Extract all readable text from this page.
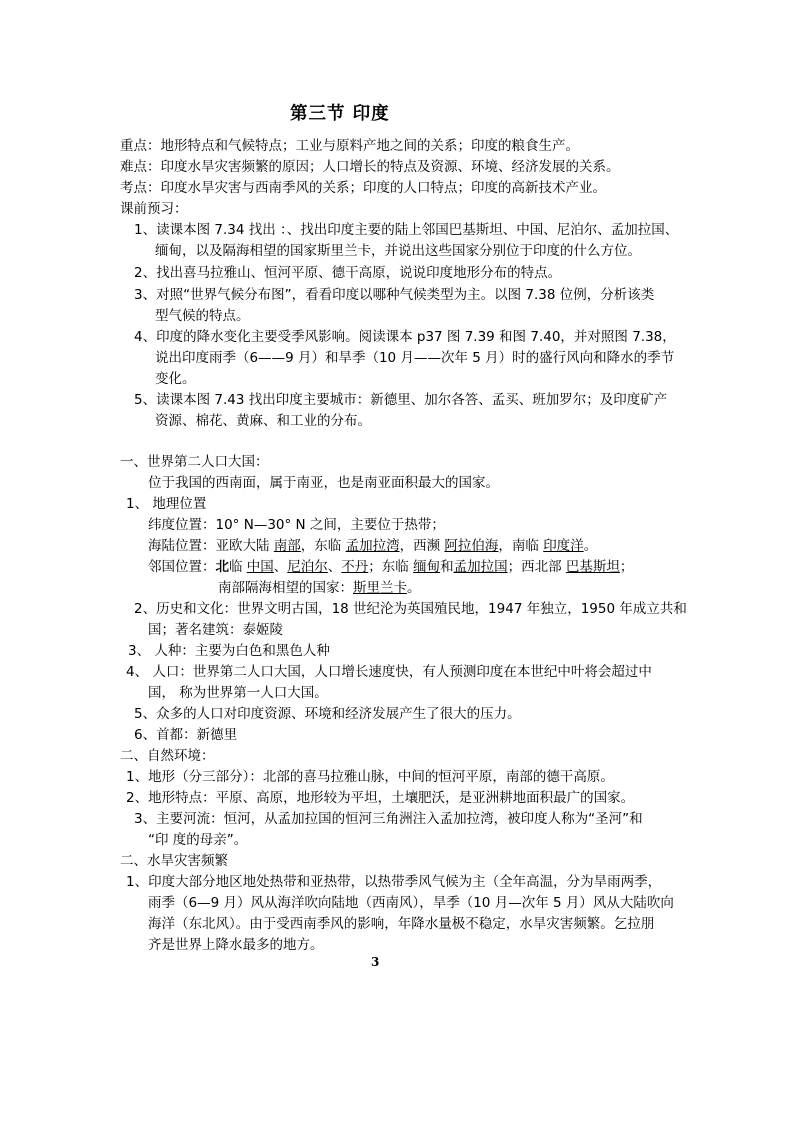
第三节 印度
重点：地形特点和气候特点；工业与原料产地之间的关系；印度的粮食生产。
难点：印度水旱灾害频繁的原因；人口增长的特点及资源、环境、经济发展的关系。
考点：印度水旱灾害与西南季风的关系；印度的人口特点；印度的高新技术产业。
课前预习：
1、读课本图 7.34 找出 ：、找出印度主要的陆上邻国巴基斯坦、中国、尼泊尔、孟加拉国、
缅甸，以及隔海相望的国家斯里兰卡，并说出这些国家分别位于印度的什么方位。
2、找出喜马拉雅山、恒河平原、德干高原，说说印度地形分布的特点。
3、对照“世界气候分布图”，看看印度以哪种气候类型为主。以图 7.38 位例，分析该类
型气候的特点。
4、印度的降水变化主要受季风影响。阅读课本 p37 图 7.39 和图 7.40，并对照图 7.38，
说出印度雨季（6——9 月）和旱季（10 月——次年 5 月）时的盛行风向和降水的季节
变化。
5、读课本图 7.43 找出印度主要城市：新德里、加尔各答、孟买、班加罗尔；及印度矿产
资源、棉花、黄麻、和工业的分布。
一、世界第二人口大国：
位于我国的西南面，属于南亚，也是南亚面积最大的国家。
1、 地理位置
纬度位置：10° N—30° N 之间，主要位于热带；
海陆位置：亚欧大陆 南部，东临 孟加拉湾，西濒 阿拉伯海，南临 印度洋。
邻国位置：北临 中国、尼泊尔、不丹；东临 缅甸和孟加拉国；西北部 巴基斯坦；
南部隔海相望的国家：斯里兰卡。
2、历史和文化：世界文明古国，18 世纪沦为英国殖民地，1947 年独立，1950 年成立共和
国；著名建筑：泰姬陵
3、 人种：主要为白色和黑色人种
4、 人口：世界第二人口大国，人口增长速度快，有人预测印度在本世纪中叶将会超过中
国， 称为世界第一人口大国。
5、众多的人口对印度资源、环境和经济发展产生了很大的压力。
6、首都：新德里
二、自然环境：
1、地形（分三部分）：北部的喜马拉雅山脉，中间的恒河平原，南部的德干高原。
2、地形特点：平原、高原，地形较为平坦，土壤肥沃，是亚洲耕地面积最广的国家。
3、主要河流：恒河，从孟加拉国的恒河三角洲注入孟加拉湾，被印度人称为“圣河”和
“印 度的母亲”。
二、水旱灾害频繁
1、印度大部分地区地处热带和亚热带，以热带季风气候为主（全年高温，分为旱雨两季，
雨季（6—9 月）风从海洋吹向陆地（西南风），旱季（10 月—次年 5 月）风从大陆吹向
海洋（东北风）。由于受西南季风的影响，年降水量极不稳定，水旱灾害频繁。乞拉朋
齐是世界上降水最多的地方。
3
